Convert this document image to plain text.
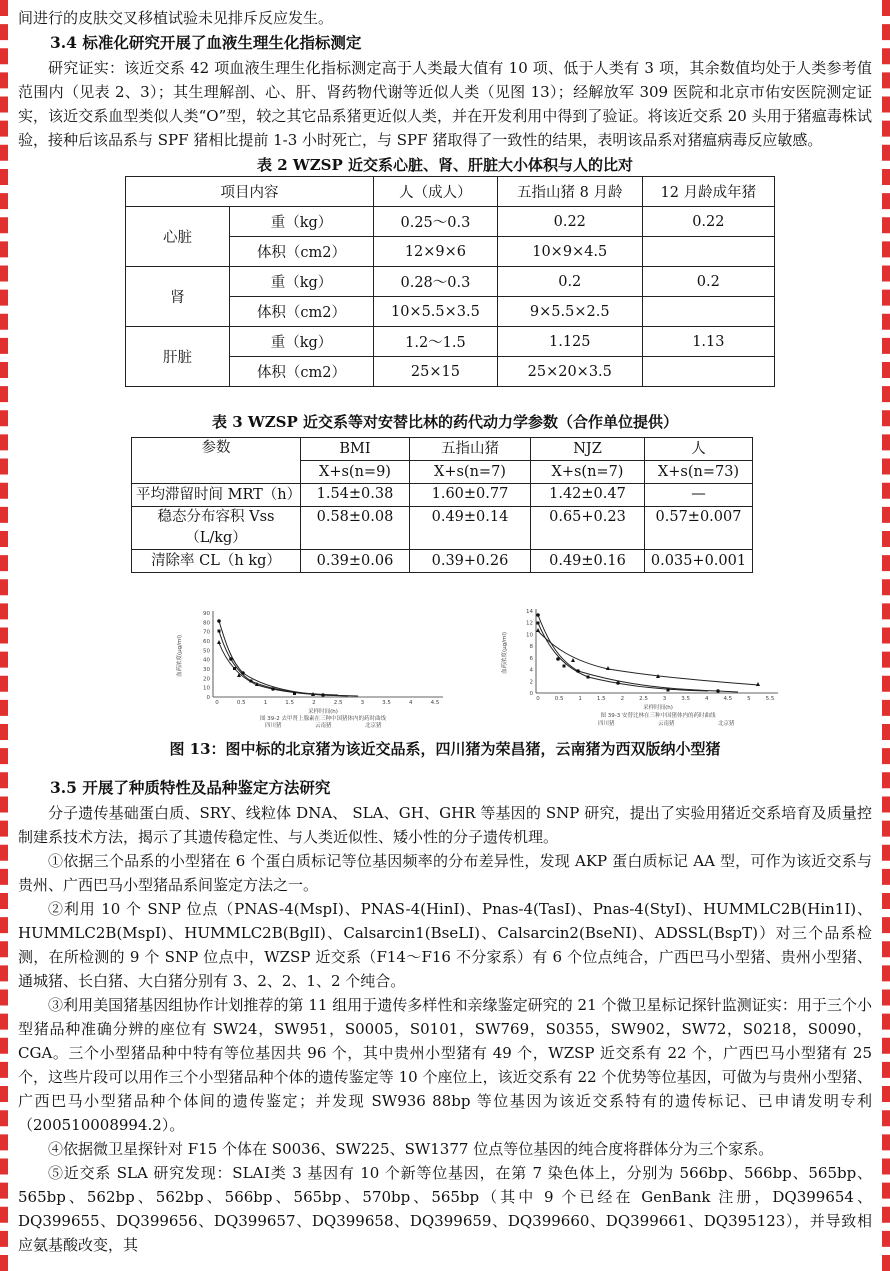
间进行的皮肤交叉移植试验未见排斥反应发生。

3.4 标准化研究开展了血液生理生化指标测定

研究证实：该近交系 42 项血液生理生化指标测定高于人类最大值有 10 项、低于人类有 3 项，其余数值均处于人类参考值范围内（见表 2、3）；其生理解剖、心、肝、肾药物代谢等近似人类（见图 13）；经解放军 309 医院和北京市佑安医院测定证实，该近交系血型类似人类“O”型，较之其它品系猪更近似人类，并在开发利用中得到了验证。将该近交系 20 头用于猪瘟毒株试验，接种后该品系与 SPF 猪相比提前 1-3 小时死亡，与 SPF 猪取得了一致性的结果，表明该品系对猪瘟病毒反应敏感。

表 2 WZSP 近交系心脏、肾、肝脏大小体积与人的比对

项目内容		人（成人）	五指山猪 8 月龄	12 月龄成年猪
心脏	重（kg）	0.25～0.3	0.22	0.22
	体积（cm2）	12×9×6	10×9×4.5	
肾	重（kg）	0.28～0.3	0.2	0.2
	体积（cm2）	10×5.5×3.5	9×5.5×2.5	
肝脏	重（kg）	1.2～1.5	1.125	1.13
	体积（cm2）	25×15	25×20×3.5	

表 3 WZSP 近交系等对安替比林的药代动力学参数（合作单位提供）

参数	BMI	五指山猪	NJZ	人
	X+s(n=9)	X+s(n=7)	X+s(n=7)	X+s(n=73)
平均滞留时间 MRT（h）	1.54±0.38	1.60±0.77	1.42±0.47	—
稳态分布容积 Vss（L/kg）	0.58±0.08	0.49±0.14	0.65+0.23	0.57±0.007
清除率 CL（h kg）	0.39±0.06	0.39+0.26	0.49±0.16	0.035+0.001
0	0.5	1	1.5	2	2.5	3	3.5	4	4.5
0
10
20
30
40
50
60
70
80
90
血药浓度(μg/ml)
采样时间(h)
图 39-2 去甲肾上腺素在三种中国猪体内的药时曲线
四川猪	云南猪	北京猪
0	0.5	1	1.5	2	2.5	3	3.5	4	4.5	5	5.5
0
2
4
6
8
10
12
14
血药浓度(μg/ml)
采样时间(h)
图 39-3 安替比林在三种中国猪体内的药时曲线
四川猪	云南猪	北京猪

图 13：图中标的北京猪为该近交品系，四川猪为荣昌猪，云南猪为西双版纳小型猪

3.5 开展了种质特性及品种鉴定方法研究

分子遗传基础蛋白质、SRY、线粒体 DNA、 SLA、GH、GHR 等基因的 SNP 研究，提出了实验用猪近交系培育及质量控制建系技术方法，揭示了其遗传稳定性、与人类近似性、矮小性的分子遗传机理。

①依据三个品系的小型猪在 6 个蛋白质标记等位基因频率的分布差异性，发现 AKP 蛋白质标记 AA 型，可作为该近交系与贵州、广西巴马小型猪品系间鉴定方法之一。

②利用 10 个 SNP 位点（PNAS-4(MspI)、PNAS-4(HinI)、Pnas-4(TasI)、Pnas-4(StyI)、HUMMLC2B(Hin1I)、HUMMLC2B(MspI)、HUMMLC2B(BglI)、Calsarcin1(BseLI)、Calsarcin2(BseNI)、ADSSL(BspT)）对三个品系检测，在所检测的 9 个 SNP 位点中，WZSP 近交系（F14～F16 不分家系）有 6 个位点纯合，广西巴马小型猪、贵州小型猪、通城猪、长白猪、大白猪分别有 3、2、2、1、2 个纯合。

③利用美国猪基因组协作计划推荐的第 11 组用于遗传多样性和亲缘鉴定研究的 21 个微卫星标记探针监测证实：用于三个小型猪品种准确分辨的座位有 SW24，SW951，S0005，S0101，SW769，S0355，SW902，SW72，S0218，S0090，CGA。三个小型猪品种中特有等位基因共 96 个，其中贵州小型猪有 49 个，WZSP 近交系有 22 个，广西巴马小型猪有 25 个，这些片段可以用作三个小型猪品种个体的遗传鉴定等 10 个座位上，该近交系有 22 个优势等位基因，可做为与贵州小型猪、广西巴马小型猪品种个体间的遗传鉴定；并发现 SW936 88bp 等位基因为该近交系特有的遗传标记、已申请发明专利（200510008994.2）。

④依据微卫星探针对 F15 个体在 S0036、SW225、SW1377 位点等位基因的纯合度将群体分为三个家系。

⑤近交系 SLA 研究发现：SLAⅠ类 3 基因有 10 个新等位基因，在第 7 染色体上，分别为 566bp、566bp、565bp、565bp、562bp、562bp、566bp、565bp、570bp、565bp（其中 9 个已经在 GenBank 注册，DQ399654、DQ399655、DQ399656、DQ399657、DQ399658、DQ399659、DQ399660、DQ399661、DQ395123），并导致相应氨基酸改变，其
